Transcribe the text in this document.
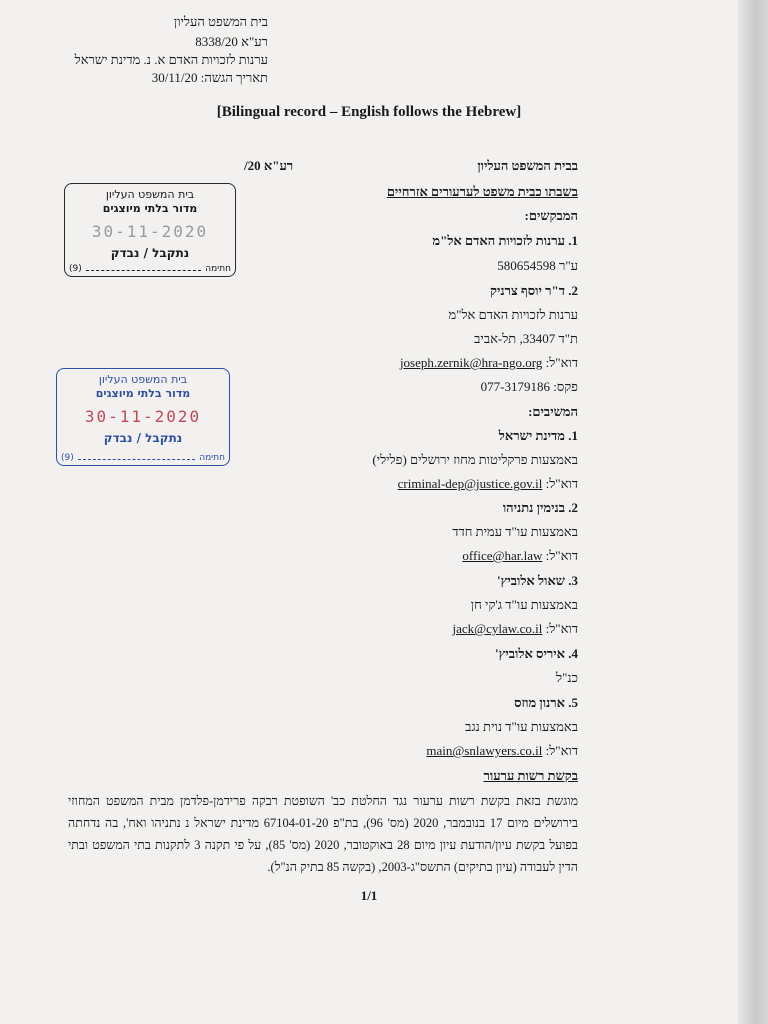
בית המשפט העליון
רע"א 8338/20
ערנות לזכויות האדם א. נ. מדינת ישראל
תאריך הגשה: 30/11/20
[Bilingual record – English follows the Hebrew]
בבית המשפט העליון
רע"א 20/
בשבתו כבית משפט לערעורים אזרחיים
המבקשים:
1. ערנות לזכויות האדם אל"מ
ע"ר 580654598
2. ד"ר יוסף צרניק
ערנות לזכויות האדם אל"מ
ת"ד 33407, תל-אביב
דוא"ל: joseph.zernik@hra-ngo.org
פקס: 077-3179186
המשיבים:
1. מדינת ישראל
באמצעות פרקליטות מחוז ירושלים (פלילי)
דוא"ל: criminal-dep@justice.gov.il
2. בנימין נתניהו
באמצעות עו"ד עמית חדד
דוא"ל: office@har.law
3. שאול אלוביץ'
באמצעות עו"ד ג'קי חן
דוא"ל: jack@cylaw.co.il
4. איריס אלוביץ'
כנ"ל
5. ארנון מוזס
באמצעות עו"ד נוית נגב
דוא"ל: main@snlawyers.co.il
בקשת רשות ערעור
מוגשת בזאת בקשת רשות ערעור נגד החלטת כב' השופטת רבקה פרידמן-פלדמן מבית המשפט המחוזי בירושלים מיום 17 בנובמבר, 2020 (מס' 96), בת"פ 67104-01-20 מדינת ישראל נ נתניהו ואח', בה נדחתה בפועל בקשת עיון/הודעת עיון מיום 28 באוקטובר, 2020 (מס' 85), על פי תקנה 3 לתקנות בתי המשפט ובתי הדין לעבודה (עיון בתיקים) התשס"ג-2003, (בקשה 85 בתיק הנ"ל).
1/1
בית המשפט העליון
מדור בלתי מיוצגים
30-11-2020
נתקבל / נבדק
חתימה
(9)
בית המשפט העליון
מדור בלתי מיוצגים
30-11-2020
נתקבל / נבדק
חתימה
(9)
